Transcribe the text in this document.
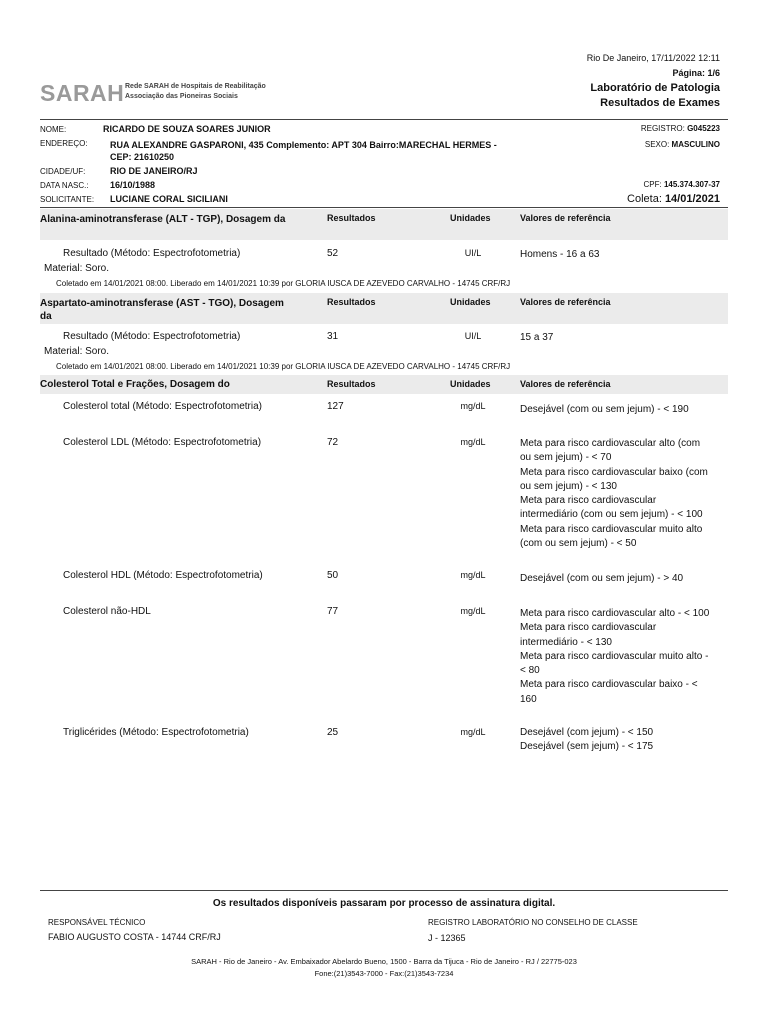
Rio De Janeiro, 17/11/2022 12:11
Página: 1/6
SARAH Rede SARAH de Hospitais de Reabilitação
Associação das Pioneiras Sociais
Laboratório de Patologia
Resultados de Exames
NOME:	RICARDO DE SOUZA SOARES JUNIOR
ENDEREÇO: RUA ALEXANDRE GASPARONI, 435 Complemento: APT 304 Bairro:MARECHAL HERMES -
CEP: 21610250
CIDADE/UF:	RIO DE JANEIRO/RJ
DATA NASC.: 16/10/1988
SOLICITANTE: LUCIANE CORAL SICILIANI
REGISTRO: G045223
SEXO: MASCULINO
CPF: 145.374.307-37
Coleta: 14/01/2021
Alanina-aminotransferase (ALT - TGP), Dosagem da	Resultados	Unidades	Valores de referência
Resultado (Método: Espectrofotometria)	52	UI/L	Homens - 16 a 63
Material: Soro.
Coletado em 14/01/2021 08:00. Liberado em 14/01/2021 10:39 por GLORIA IUSCA DE AZEVEDO CARVALHO - 14745 CRF/RJ
Aspartato-aminotransferase (AST - TGO), Dosagem da
Resultados	Unidades	Valores de referência
Resultado (Método: Espectrofotometria)	31	UI/L	15 a 37
Material: Soro.
Coletado em 14/01/2021 08:00. Liberado em 14/01/2021 10:39 por GLORIA IUSCA DE AZEVEDO CARVALHO - 14745 CRF/RJ
Colesterol Total e Frações, Dosagem do	Resultados	Unidades	Valores de referência
Colesterol total (Método: Espectrofotometria)	127	mg/dL	Desejável (com ou sem jejum) - < 190
Colesterol LDL (Método: Espectrofotometria)	72	mg/dL	Meta para risco cardiovascular alto (com ou sem jejum) - < 70
Meta para risco cardiovascular baixo (com ou sem jejum) - < 130
Meta para risco cardiovascular intermediário (com ou sem jejum) - < 100
Meta para risco cardiovascular muito alto (com ou sem jejum) - < 50
Colesterol HDL (Método: Espectrofotometria)	50	mg/dL	Desejável (com ou sem jejum) - > 40
Colesterol não-HDL	77	mg/dL	Meta para risco cardiovascular alto - < 100
Meta para risco cardiovascular intermediário - < 130
Meta para risco cardiovascular muito alto - < 80
Meta para risco cardiovascular baixo - < 160
Triglicérides (Método: Espectrofotometria)	25	mg/dL	Desejável (com jejum) - < 150
Desejável (sem jejum) - < 175
Os resultados disponíveis passaram por processo de assinatura digital.
RESPONSÁVEL TÉCNICO
FABIO AUGUSTO COSTA - 14744 CRF/RJ
REGISTRO LABORATÓRIO NO CONSELHO DE CLASSE
J - 12365
SARAH - Rio de Janeiro - Av. Embaixador Abelardo Bueno, 1500 - Barra da Tijuca - Rio de Janeiro - RJ / 22775-023
Fone:(21)3543-7000 - Fax:(21)3543-7234
